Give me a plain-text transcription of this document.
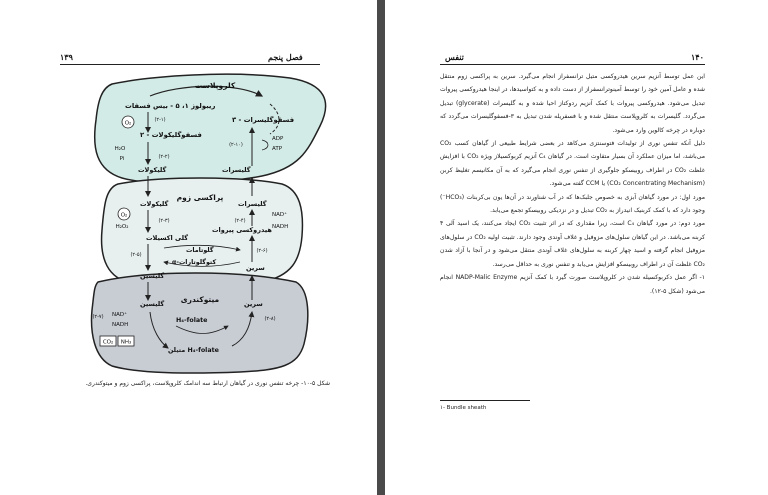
۱۳۹	فصل پنجم
کلروپلاست
ریبولوز ۱، ۵ - بیس فسفات
۳ - فسفوگلیسرات
۲ - فسفوگلیکولات
گلیکولات	گلیسرات
O₂
H₂O
Pi
ADP
ATP
(۲-۱)
(۲-۲)
(۲-۱۰)
پراکسی زوم
گلیکولات	گلیسرات
گلی اکسیلات
هیدروکسی پیروات
گلوتامات
α-کتوگلوتارات
گلیسین
سرین
O₂
H₂O₂
NAD⁺
NADH
(۲-۳)	(۲-۴)
(۲-۵)
(۲-۶)
میتوکندری
گلیسین	سرین
H₄-folate
متیلن H₄-folate
NAD⁺
NADH
CO₂ NH₃
(۲-۷)	(۲-۸)
شکل ۵-۱۰- چرخه تنفس نوری در گیاهان ارتباط سه اندامک کلروپلاست، پراکسی زوم و میتوکندری.
تنفس	۱۴۰

این عمل توسط آنزیم سرین هیدروکسی متیل ترانسفراز انجام می‌گیرد. سرین به پراکسی زوم منتقل شده و عامل آمین خود را توسط آمینوترانسفراز از دست داده و به کتواسیدها، در اینجا هیدروکسی پیروات تبدیل می‌شود. هیدروکسی پیروات با کمک آنزیم ردوکتاز احیا شده و به گلیسرات (glycerate) تبدیل می‌گردد. گلیسرات به کلروپلاست منتقل شده و با فسفریله شدن تبدیل به ۳-فسفوگلیسرات می‌گردد که دوباره در چرخه کالوین وارد می‌شود.

دلیل آنکه تنفس نوری از تولیدات فتوسنتزی می‌کاهد در بعضی شرایط طبیعی از گیاهان کسب CO₂ می‌باشد، اما میزان عملکرد آن بسیار متفاوت است. در گیاهان C₄ آنزیم کربوکسیلاز ویژه CO₂ با افزایش غلظت CO₂ در اطراف روبیسکو جلوگیری از تنفس نوری انجام می‌گیرد که به آن مکانیسم تغلیظ کربن (CO₂ Concentrating Mechanism) یا CCM گفته می‌شود.

مورد اول: در مورد گیاهان آبزی به خصوص جلبک‌ها که در آب شناورند در آن‌ها یون بی‌کربنات (HCO₃⁻) وجود دارد که با کمک کربنیک انیدراز به CO₂ تبدیل و در نزدیکی روبیسکو تجمع می‌یابد.

مورد دوم: در مورد گیاهان C₄ است، زیرا مقداری که در اثر تثبیت CO₂ ایجاد می‌کنند، یک اسید آلی ۴ کربنه می‌باشد. در این گیاهان سلول‌های مزوفیل و غلاف آوندی وجود دارند. تثبیت اولیه CO₂ در سلول‌های مزوفیل انجام گرفته و اسید چهار کربنه به سلول‌های غلاف آوندی منتقل می‌شود و در آنجا با آزاد شدن CO₂ غلظت آن در اطراف روبیسکو افزایش می‌یابد و تنفس نوری به حداقل می‌رسد.

۱- اگر عمل دکربوکسیله شدن در کلروپلاست صورت گیرد با کمک آنزیم NADP-Malic Enzyme انجام می‌شود (شکل ۵-۱۲).

۱- Bundle sheath
